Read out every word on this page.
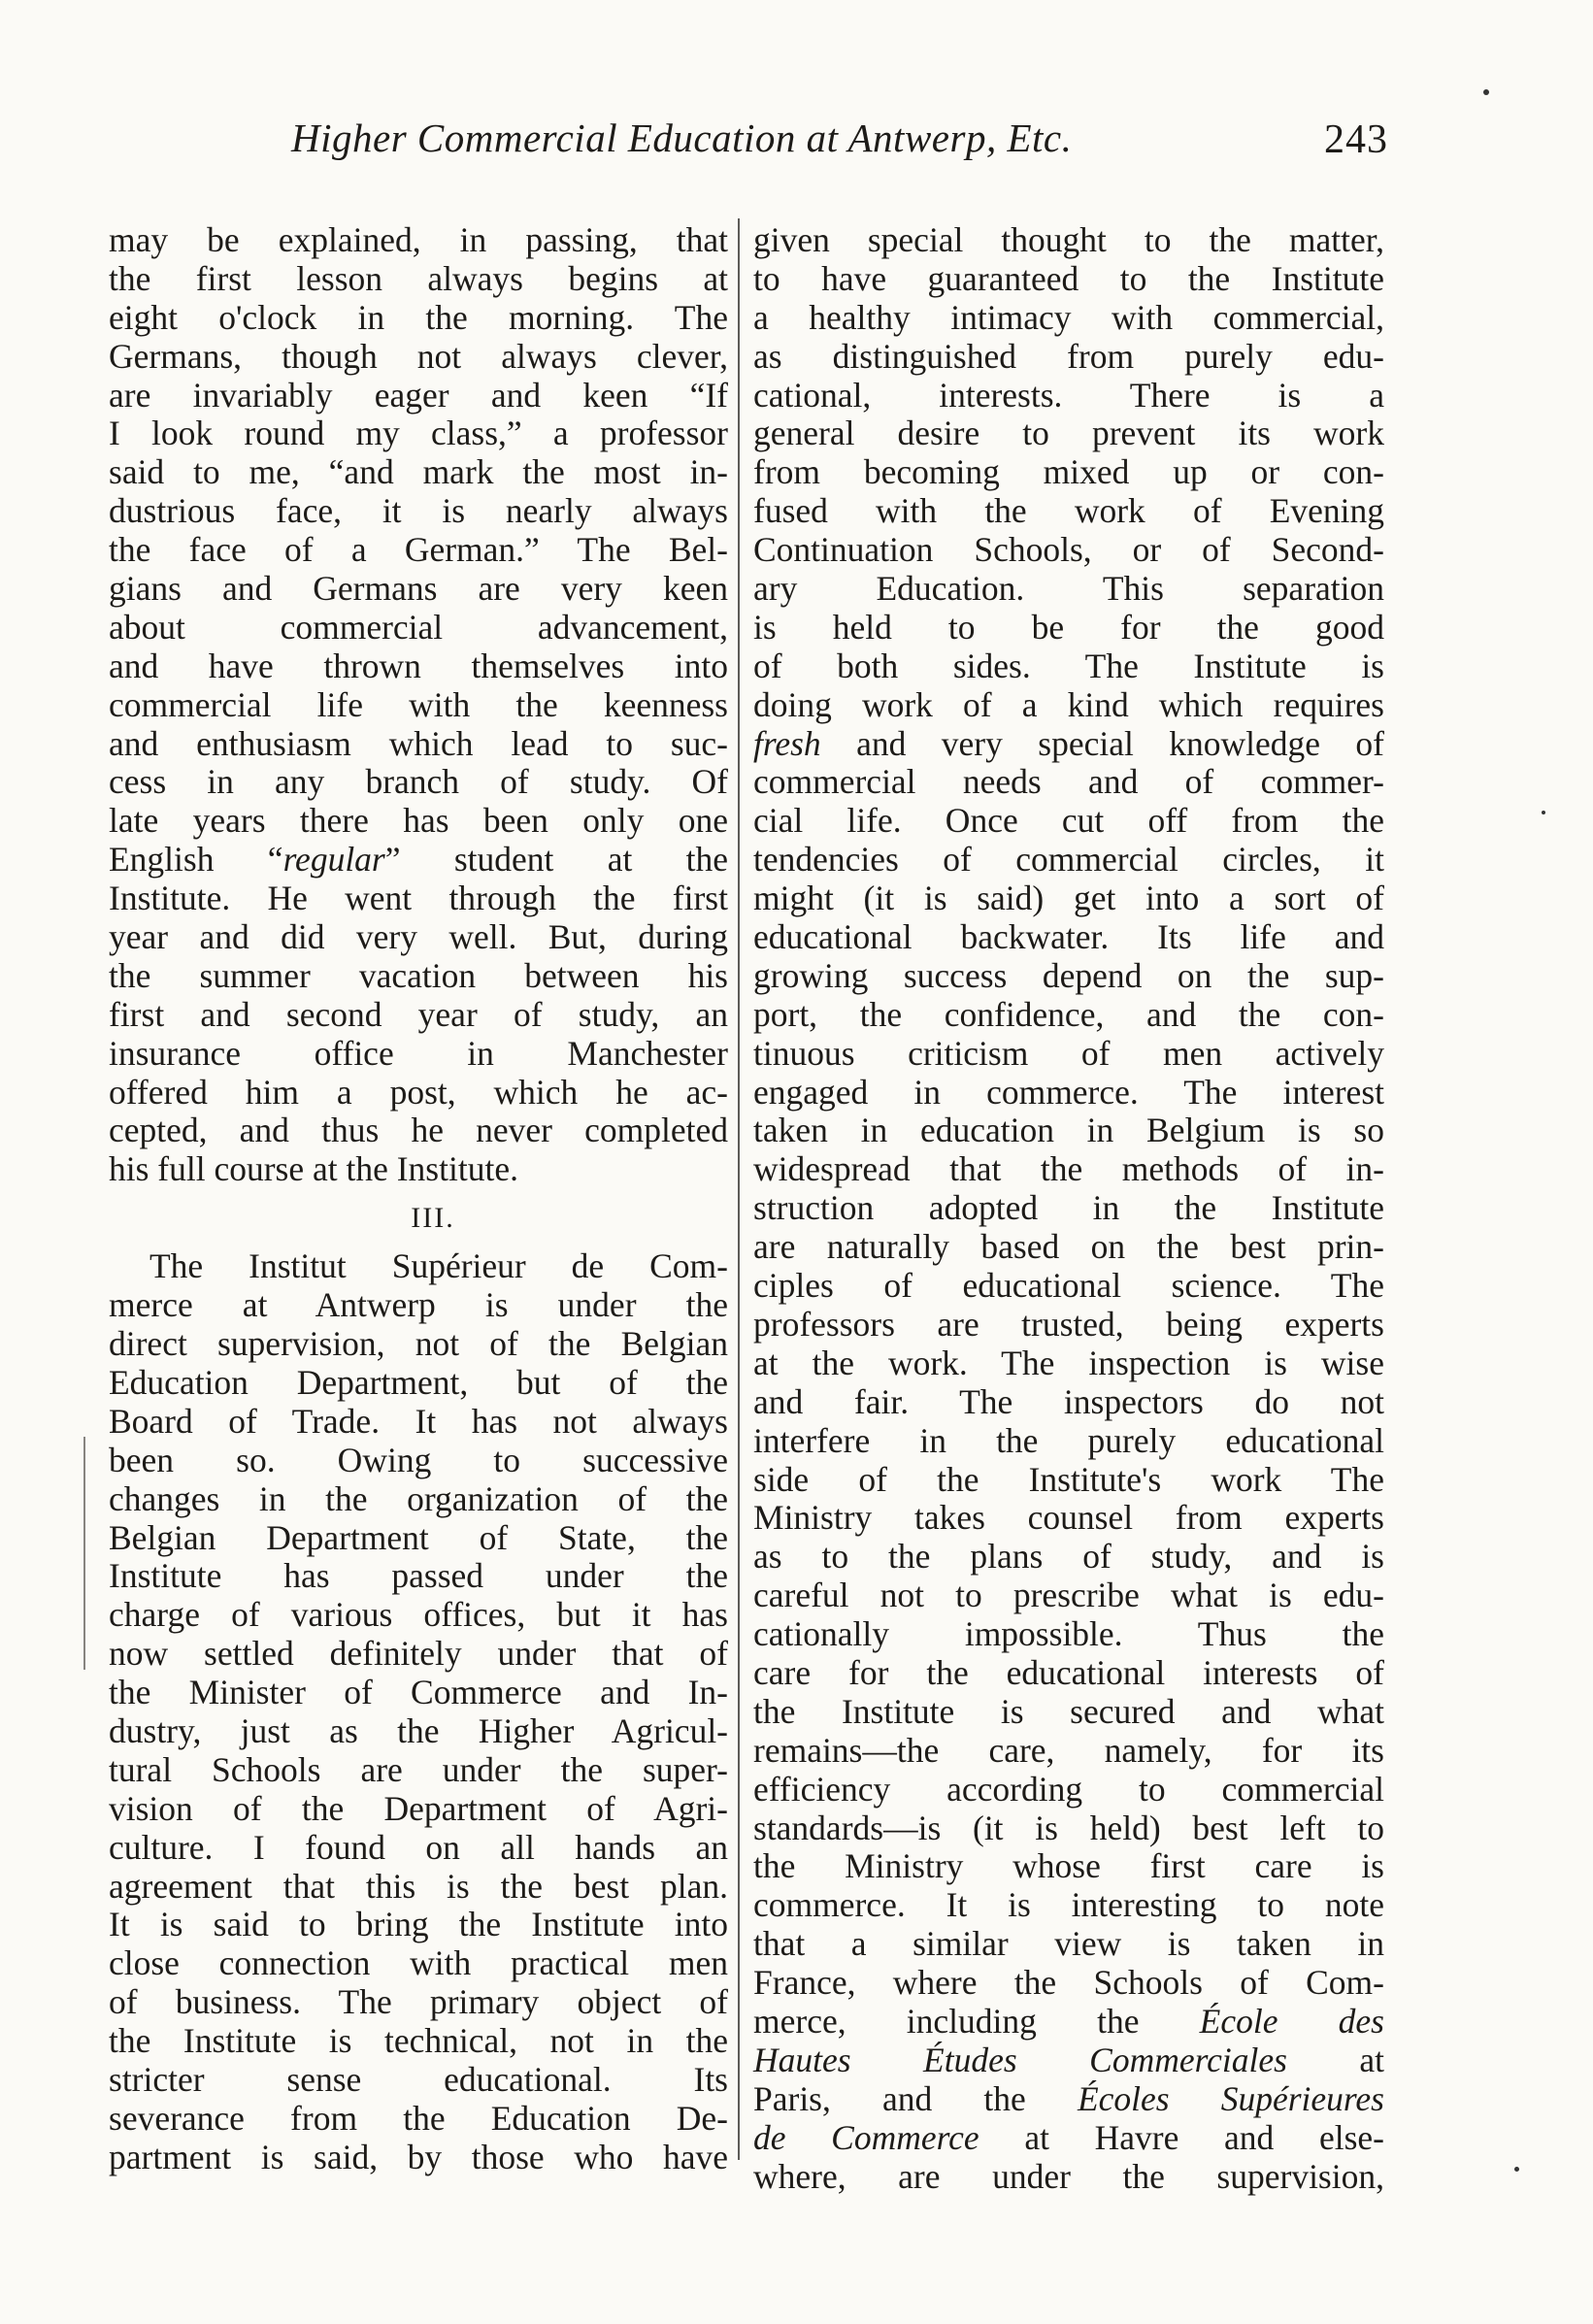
Higher Commercial Education at Antwerp, Etc.	243
may be explained, in passing, that
the first lesson always begins at
eight o'clock in the morning. The
Germans, though not always clever,
are invariably eager and keen “If
I look round my class,” a professor
said to me, “and mark the most in-
dustrious face, it is nearly always
the face of a German.” The Bel-
gians and Germans are very keen
about commercial advancement,
and have thrown themselves into
commercial life with the keenness
and enthusiasm which lead to suc-
cess in any branch of study. Of
late years there has been only one
English “regular” student at the
Institute. He went through the first
year and did very well. But, during
the summer vacation between his
first and second year of study, an
insurance office in Manchester
offered him a post, which he ac-
cepted, and thus he never completed
his full course at the Institute.
III.
The Institut Supérieur de Com-
merce at Antwerp is under the
direct supervision, not of the Belgian
Education Department, but of the
Board of Trade. It has not always
been so. Owing to successive
changes in the organization of the
Belgian Department of State, the
Institute has passed under the
charge of various offices, but it has
now settled definitely under that of
the Minister of Commerce and In-
dustry, just as the Higher Agricul-
tural Schools are under the super-
vision of the Department of Agri-
culture. I found on all hands an
agreement that this is the best plan.
It is said to bring the Institute into
close connection with practical men
of business. The primary object of
the Institute is technical, not in the
stricter sense educational. Its
severance from the Education De-
partment is said, by those who have
given special thought to the matter,
to have guaranteed to the Institute
a healthy intimacy with commercial,
as distinguished from purely edu-
cational, interests. There is a
general desire to prevent its work
from becoming mixed up or con-
fused with the work of Evening
Continuation Schools, or of Second-
ary Education. This separation
is held to be for the good
of both sides. The Institute is
doing work of a kind which requires
fresh and very special knowledge of
commercial needs and of commer-
cial life. Once cut off from the
tendencies of commercial circles, it
might (it is said) get into a sort of
educational backwater. Its life and
growing success depend on the sup-
port, the confidence, and the con-
tinuous criticism of men actively
engaged in commerce. The interest
taken in education in Belgium is so
widespread that the methods of in-
struction adopted in the Institute
are naturally based on the best prin-
ciples of educational science. The
professors are trusted, being experts
at the work. The inspection is wise
and fair. The inspectors do not
interfere in the purely educational
side of the Institute's work The
Ministry takes counsel from experts
as to the plans of study, and is
careful not to prescribe what is edu-
cationally impossible. Thus the
care for the educational interests of
the Institute is secured and what
remains—the care, namely, for its
efficiency according to commercial
standards—is (it is held) best left to
the Ministry whose first care is
commerce. It is interesting to note
that a similar view is taken in
France, where the Schools of Com-
merce, including the École des
Hautes Études Commerciales at
Paris, and the Écoles Supérieures
de Commerce at Havre and else-
where, are under the supervision,
